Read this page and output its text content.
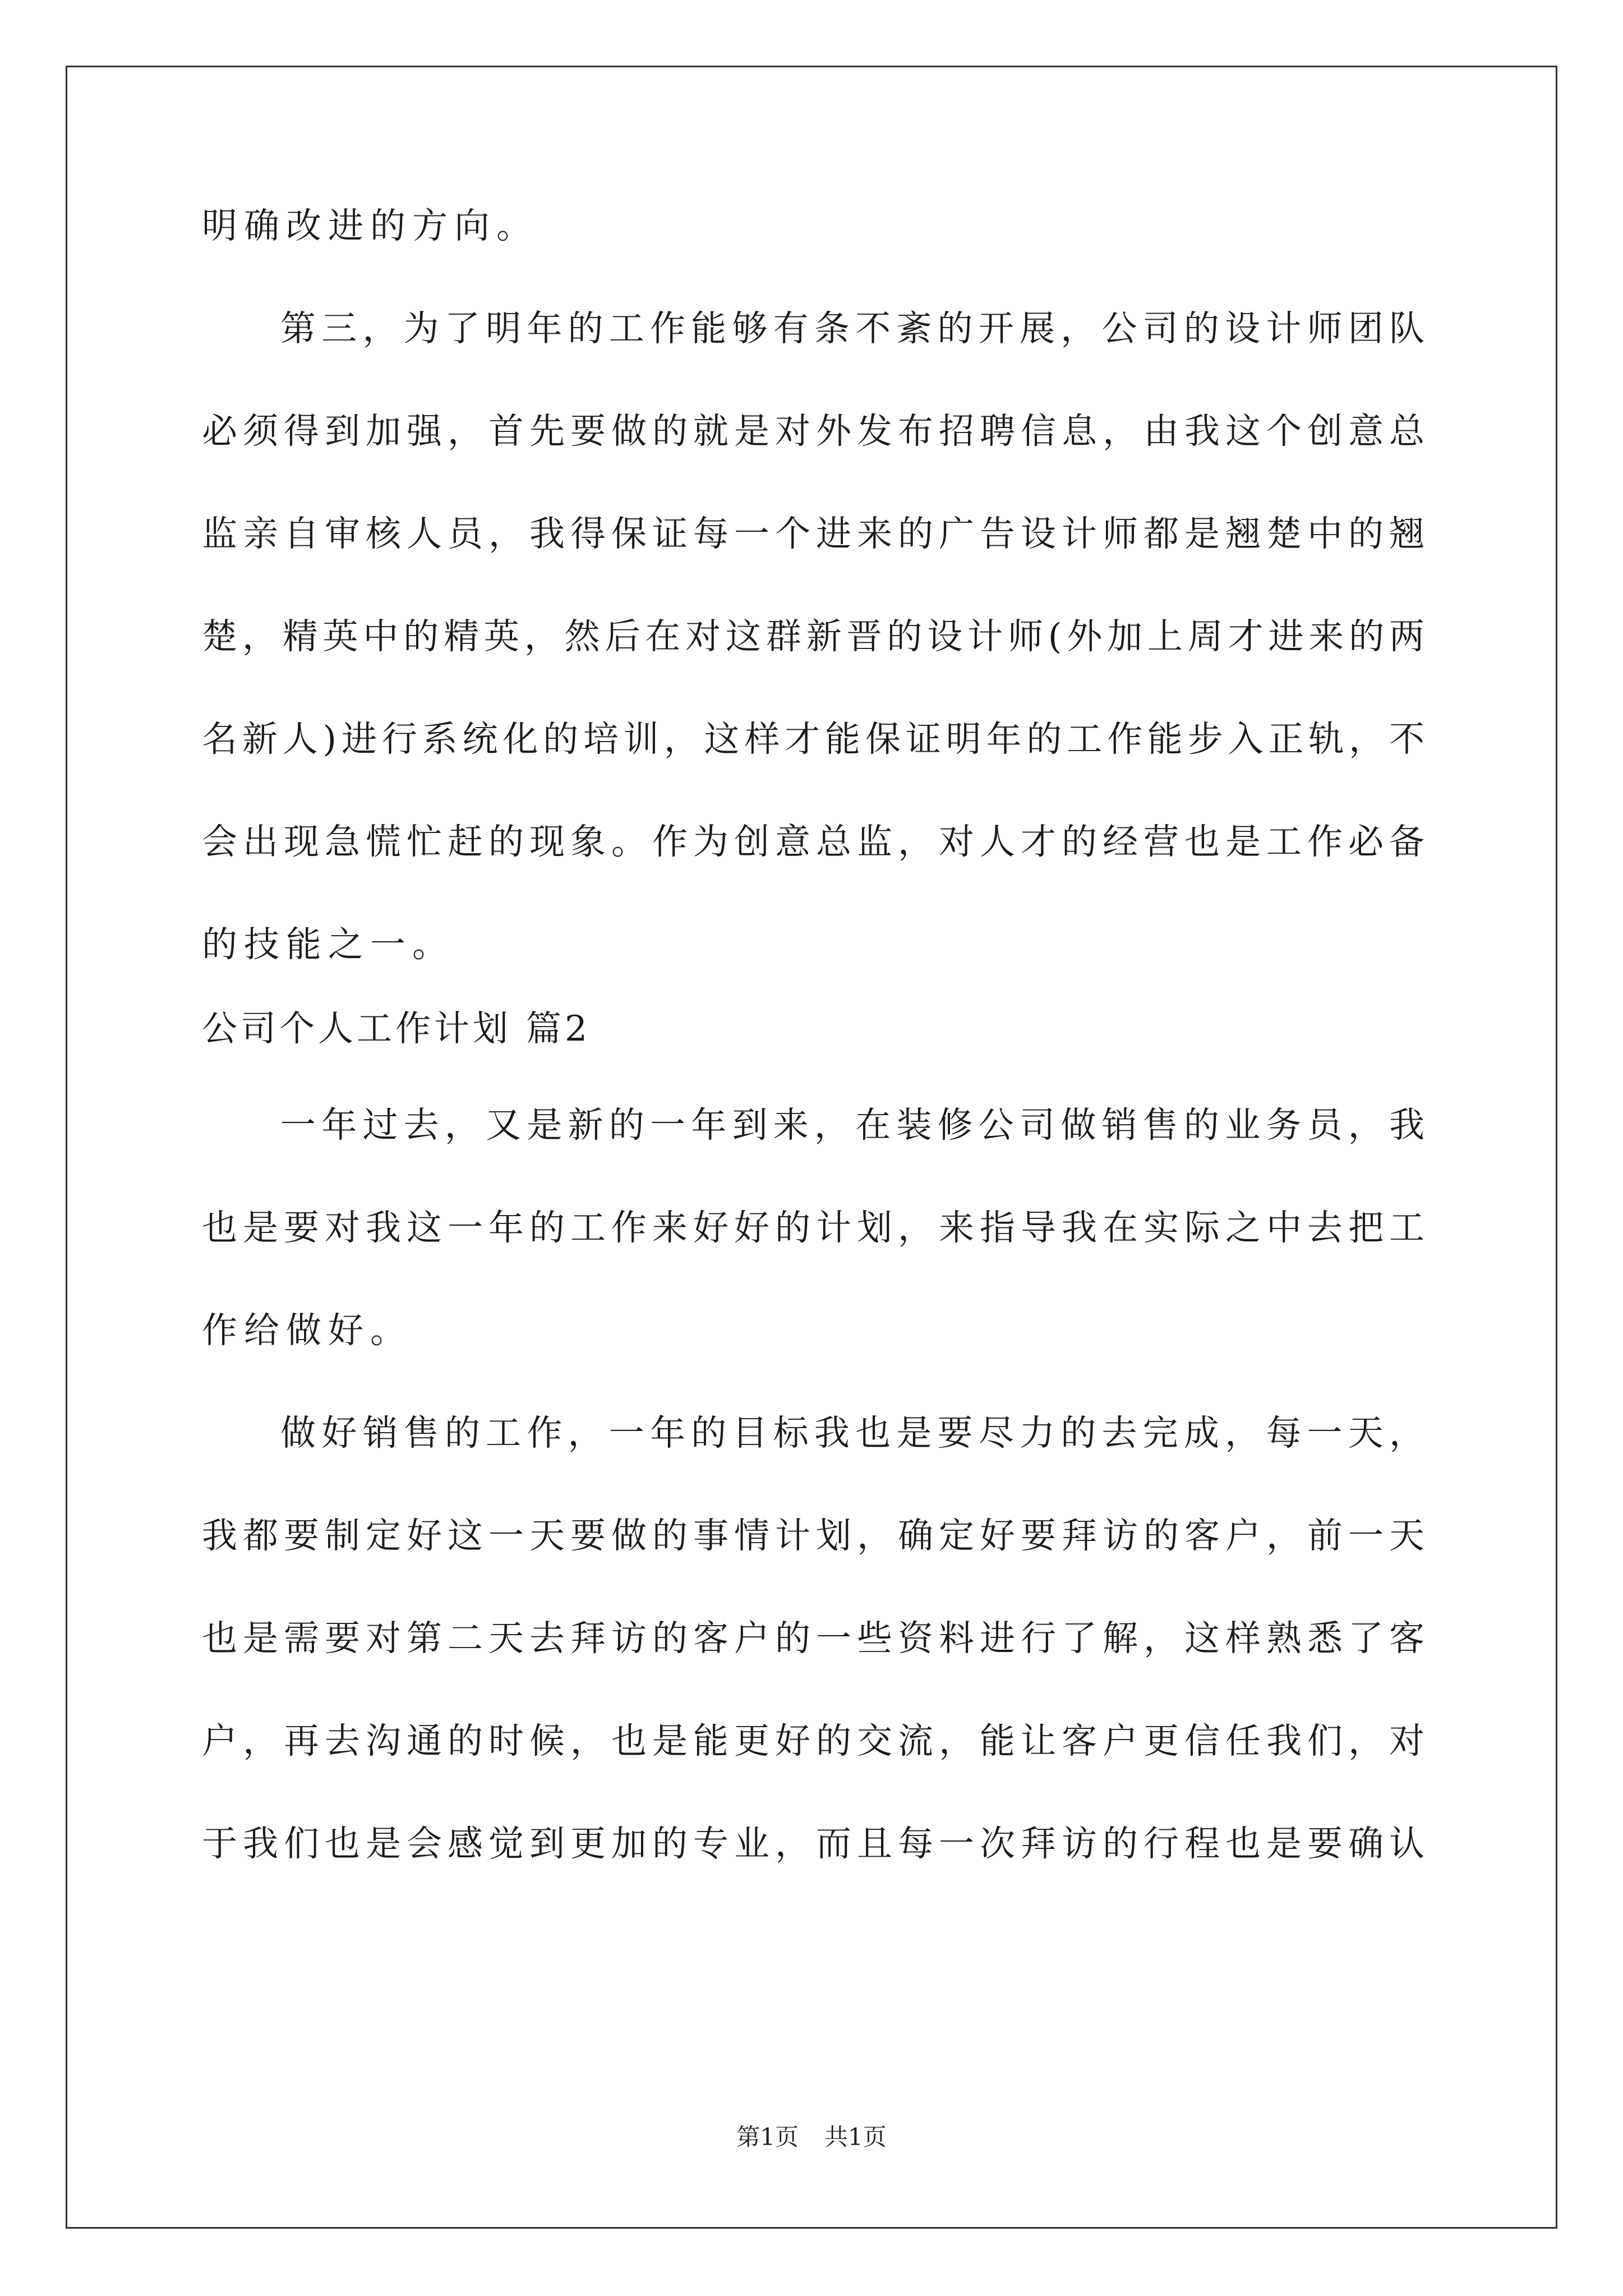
明确改进的方向。
第三，为了明年的工作能够有条不紊的开展，公司的设计师团队
必须得到加强，首先要做的就是对外发布招聘信息，由我这个创意总
监亲自审核人员，我得保证每一个进来的广告设计师都是翘楚中的翘
楚，精英中的精英，然后在对这群新晋的设计师(外加上周才进来的两
名新人)进行系统化的培训，这样才能保证明年的工作能步入正轨，不
会出现急慌忙赶的现象。作为创意总监，对人才的经营也是工作必备
的技能之一。
公司个人工作计划 篇2
一年过去，又是新的一年到来，在装修公司做销售的业务员，我
也是要对我这一年的工作来好好的计划，来指导我在实际之中去把工
作给做好。
做好销售的工作，一年的目标我也是要尽力的去完成，每一天，
我都要制定好这一天要做的事情计划，确定好要拜访的客户，前一天
也是需要对第二天去拜访的客户的一些资料进行了解，这样熟悉了客
户，再去沟通的时候，也是能更好的交流，能让客户更信任我们，对
于我们也是会感觉到更加的专业，而且每一次拜访的行程也是要确认
第1页 共1页
